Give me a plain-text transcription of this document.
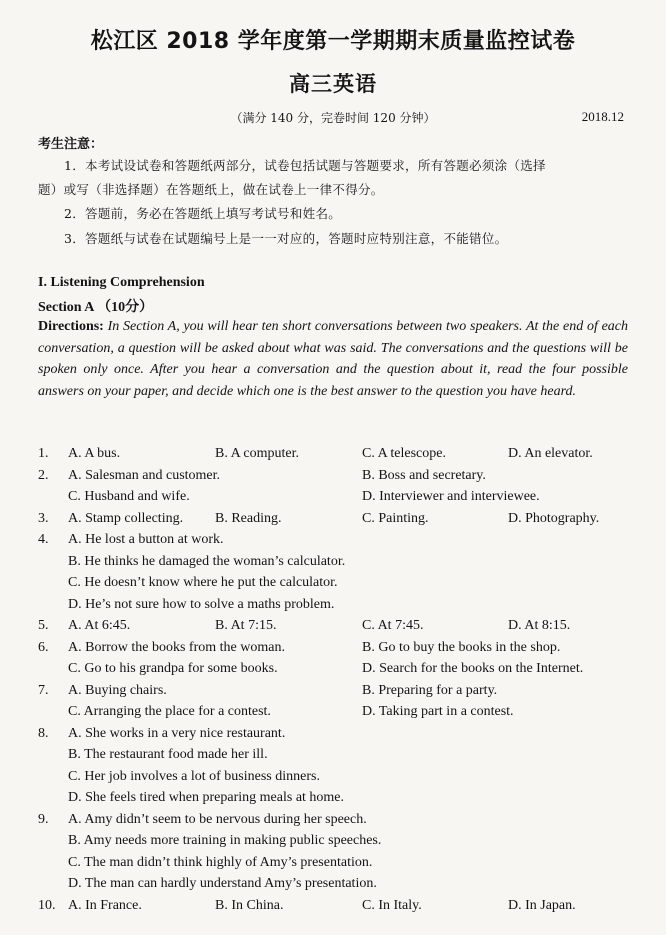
松江区 2018 学年度第一学期期末质量监控试卷
高三英语
（满分 140 分，完卷时间 120 分钟）	2018.12
考生注意：
1．本考试设试卷和答题纸两部分，试卷包括试题与答题要求，所有答题必须涂（选择
题）或写（非选择题）在答题纸上，做在试卷上一律不得分。
2．答题前，务必在答题纸上填写考试号和姓名。
3．答题纸与试卷在试题编号上是一一对应的，答题时应特别注意，不能错位。
I. Listening Comprehension
Section A （10分）
Directions: In Section A, you will hear ten short conversations between two speakers. At the end of each conversation, a question will be asked about what was said. The conversations and the questions will be spoken only once. After you hear a conversation and the question about it, read the four possible answers on your paper, and decide which one is the best answer to the question you have heard.
1. A. A bus.	B. A computer.	C. A telescope.	D. An elevator.
2. A. Salesman and customer.	B. Boss and secretary.
C. Husband and wife.	D. Interviewer and interviewee.
3. A. Stamp collecting. B. Reading.	C. Painting.	D. Photography.
4. A. He lost a button at work.
B. He thinks he damaged the woman’s calculator.
C. He doesn’t know where he put the calculator.
D. He’s not sure how to solve a maths problem.
5. A. At 6:45.	B. At 7:15.	C. At 7:45.	D. At 8:15.
6. A. Borrow the books from the woman.	B. Go to buy the books in the shop.
C. Go to his grandpa for some books.	D. Search for the books on the Internet.
7. A. Buying chairs.	B. Preparing for a party.
C. Arranging the place for a contest.	D. Taking part in a contest.
8. A. She works in a very nice restaurant.
B. The restaurant food made her ill.
C. Her job involves a lot of business dinners.
D. She feels tired when preparing meals at home.
9. A. Amy didn’t seem to be nervous during her speech.
B. Amy needs more training in making public speeches.
C. The man didn’t think highly of Amy’s presentation.
D. The man can hardly understand Amy’s presentation.
10. A. In France.	B. In China.	C. In Italy.	D. In Japan.
